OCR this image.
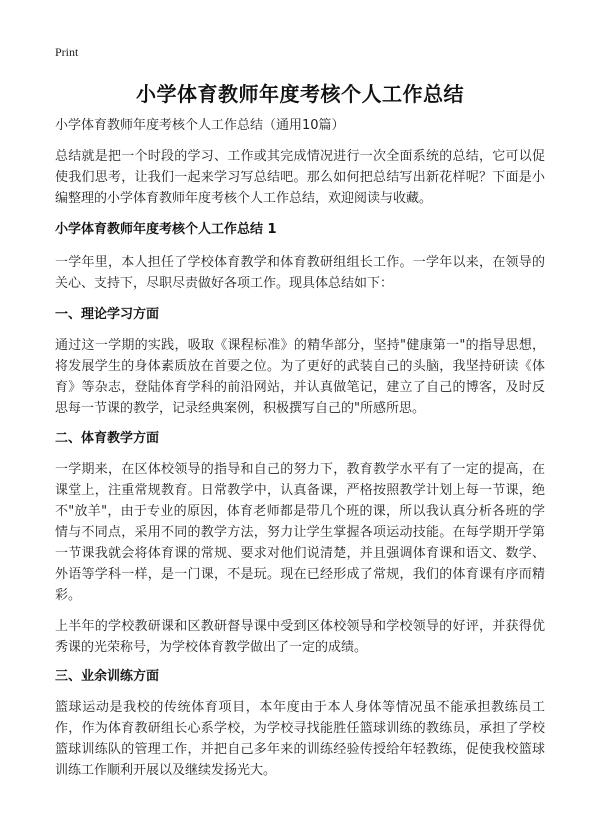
Print
小学体育教师年度考核个人工作总结

小学体育教师年度考核个人工作总结（通用10篇）

总结就是把一个时段的学习、工作或其完成情况进行一次全面系统的总结，它可以促使我们思考，让我们一起来学习写总结吧。那么如何把总结写出新花样呢？下面是小编整理的小学体育教师年度考核个人工作总结，欢迎阅读与收藏。

小学体育教师年度考核个人工作总结 1

一学年里，本人担任了学校体育教学和体育教研组组长工作。一学年以来，在领导的关心、支持下，尽职尽责做好各项工作。现具体总结如下：

一、理论学习方面

通过这一学期的实践，吸取《课程标准》的精华部分，坚持"健康第一"的指导思想，将发展学生的身体素质放在首要之位。为了更好的武装自己的头脑，我坚持研读《体育》等杂志，登陆体育学科的前沿网站，并认真做笔记，建立了自己的博客，及时反思每一节课的教学，记录经典案例，积极撰写自己的"所感所思。

二、体育教学方面

一学期来，在区体校领导的指导和自己的努力下，教育教学水平有了一定的提高，在课堂上，注重常规教育。日常教学中，认真备课，严格按照教学计划上每一节课，绝不"放羊"，由于专业的原因，体育老师都是带几个班的课，所以我认真分析各班的学情与不同点，采用不同的教学方法，努力让学生掌握各项运动技能。在每学期开学第一节课我就会将体育课的常规、要求对他们说清楚，并且强调体育课和语文、数学、外语等学科一样，是一门课，不是玩。现在已经形成了常规，我们的体育课有序而精彩。

上半年的学校教研课和区教研督导课中受到区体校领导和学校领导的好评，并获得优秀课的光荣称号，为学校体育教学做出了一定的成绩。

三、业余训练方面

篮球运动是我校的传统体育项目，本年度由于本人身体等情况虽不能承担教练员工作，作为体育教研组长心系学校，为学校寻找能胜任篮球训练的教练员，承担了学校篮球训练队的管理工作，并把自己多年来的训练经验传授给年轻教练，促使我校篮球训练工作顺利开展以及继续发扬光大。
